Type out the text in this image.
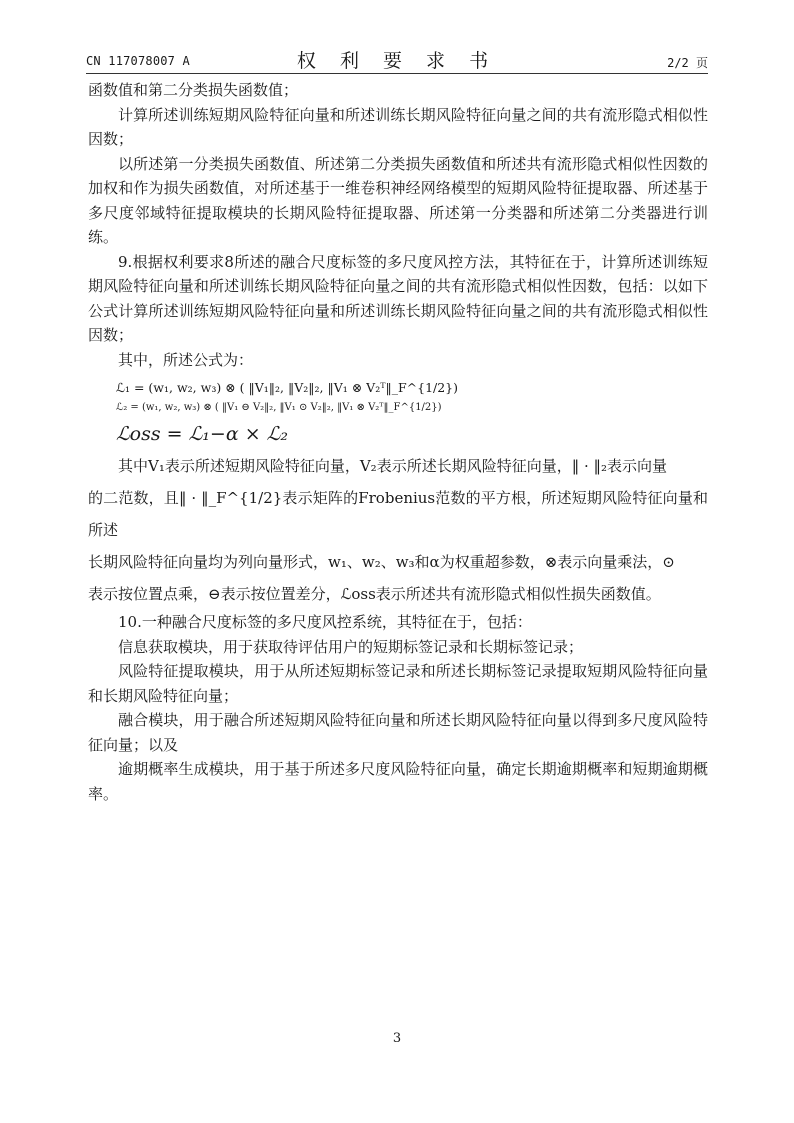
CN 117078007 A	权 利 要 求 书	2/2 页

函数值和第二分类损失函数值；

计算所述训练短期风险特征向量和所述训练长期风险特征向量之间的共有流形隐式相似性因数；

以所述第一分类损失函数值、所述第二分类损失函数值和所述共有流形隐式相似性因数的加权和作为损失函数值，对所述基于一维卷积神经网络模型的短期风险特征提取器、所述基于多尺度邻域特征提取模块的长期风险特征提取器、所述第一分类器和所述第二分类器进行训练。

9.根据权利要求8所述的融合尺度标签的多尺度风控方法，其特征在于，计算所述训练短期风险特征向量和所述训练长期风险特征向量之间的共有流形隐式相似性因数，包括：以如下公式计算所述训练短期风险特征向量和所述训练长期风险特征向量之间的共有流形隐式相似性因数；

其中，所述公式为：

ℒ₁ = (w₁, w₂, w₃) ⊗ ( ‖V₁‖₂, ‖V₂‖₂, ‖V₁ ⊗ V₂ᵀ‖_F^{1/2})

ℒ₂ = (w₁, w₂, w₃) ⊗ ( ‖V₁ ⊖ V₂‖₂, ‖V₁ ⊙ V₂‖₂, ‖V₁ ⊗ V₂ᵀ‖_F^{1/2})

ℒoss = ℒ₁−α × ℒ₂

其中V₁表示所述短期风险特征向量，V₂表示所述长期风险特征向量，‖ · ‖₂表示向量

的二范数，且‖ · ‖_F^{1/2}表示矩阵的Frobenius范数的平方根，所述短期风险特征向量和所述

长期风险特征向量均为列向量形式，w₁、w₂、w₃和α为权重超参数，⊗表示向量乘法，⊙

表示按位置点乘，⊖表示按位置差分，ℒoss表示所述共有流形隐式相似性损失函数值。

10.一种融合尺度标签的多尺度风控系统，其特征在于，包括：

信息获取模块，用于获取待评估用户的短期标签记录和长期标签记录；

风险特征提取模块，用于从所述短期标签记录和所述长期标签记录提取短期风险特征向量和长期风险特征向量；

融合模块，用于融合所述短期风险特征向量和所述长期风险特征向量以得到多尺度风险特征向量；以及

逾期概率生成模块，用于基于所述多尺度风险特征向量，确定长期逾期概率和短期逾期概率。

3
